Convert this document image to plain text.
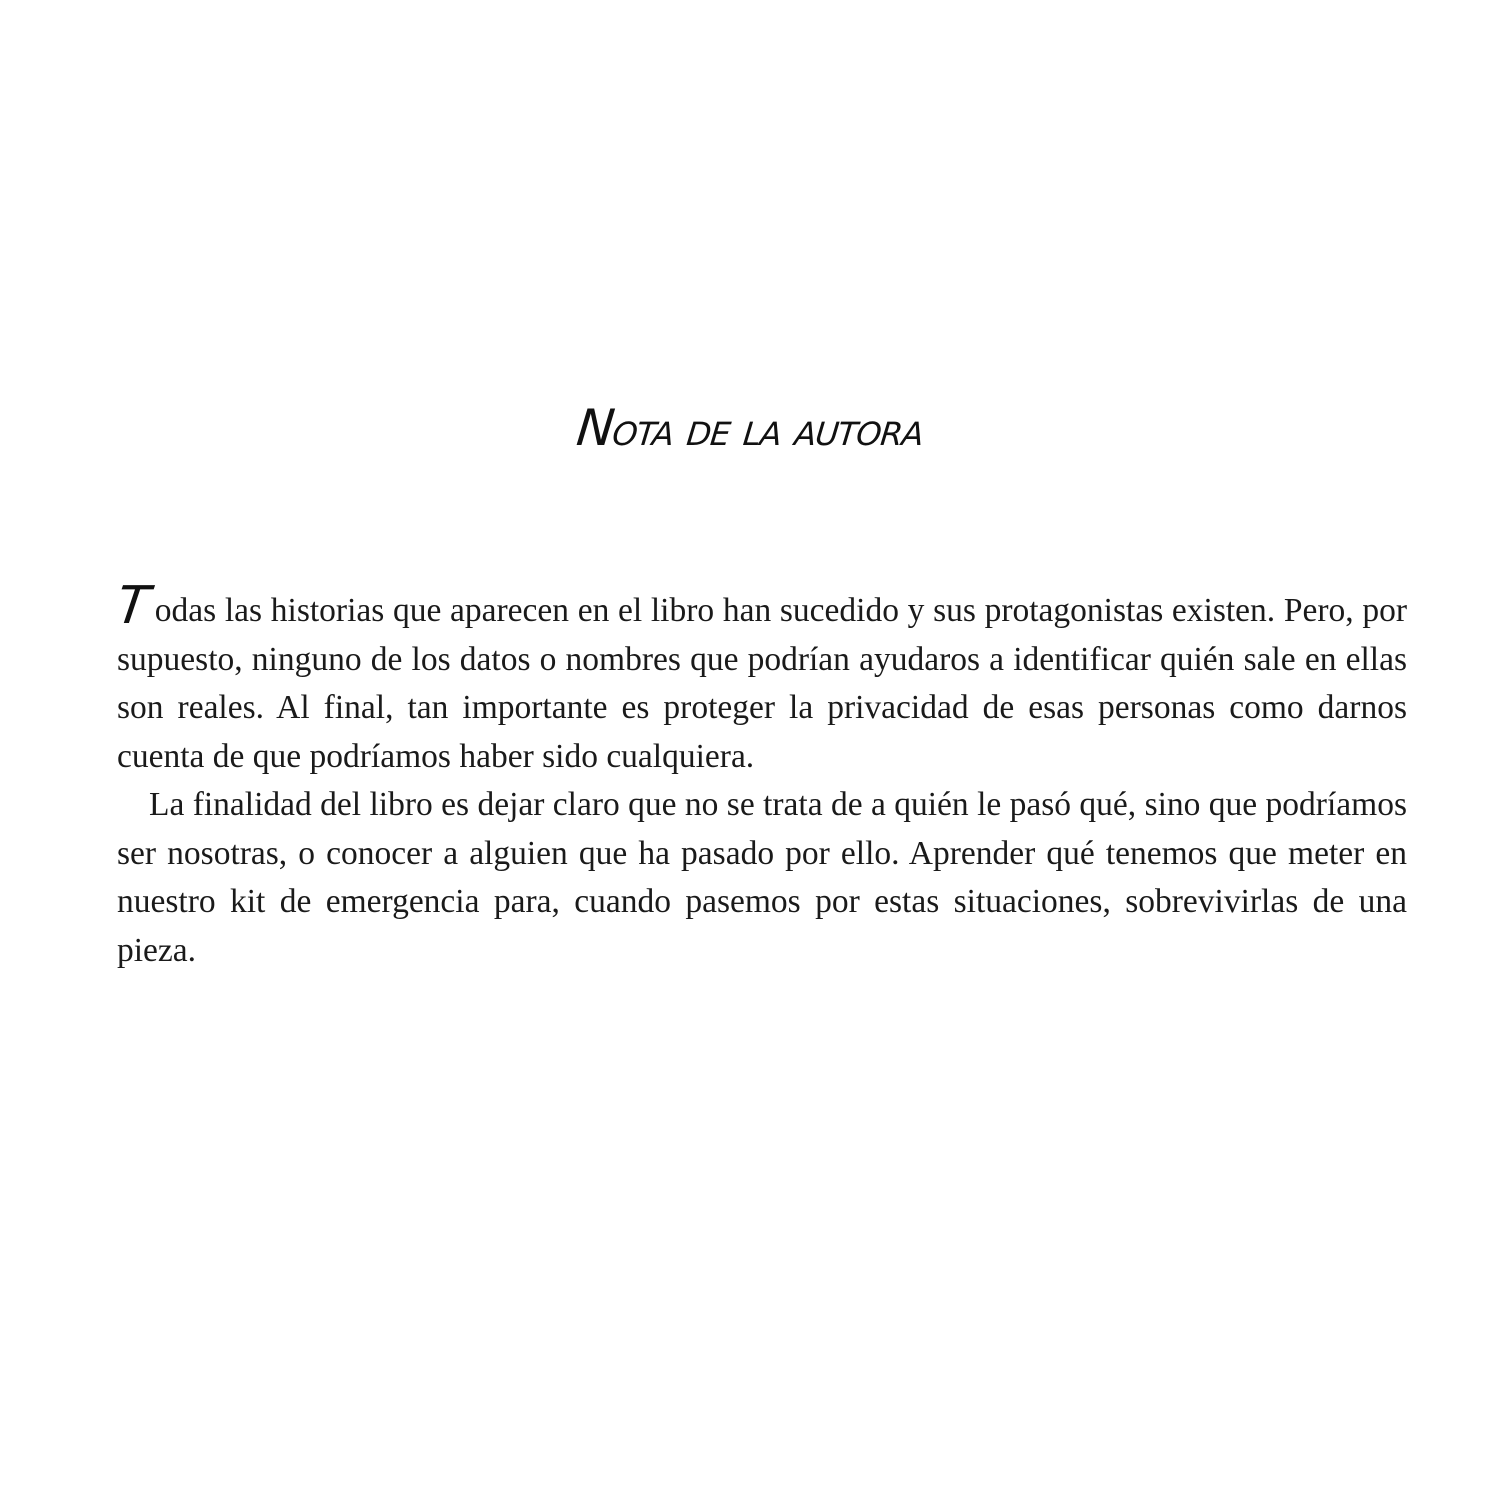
Nota de la autora

Todas las historias que aparecen en el libro han sucedido y sus protagonistas existen. Pero, por supuesto, ninguno de los datos o nombres que podrían ayudaros a identificar quién sale en ellas son reales. Al final, tan importante es proteger la privacidad de esas personas como darnos cuenta de que podríamos haber sido cualquiera.

La finalidad del libro es dejar claro que no se trata de a quién le pasó qué, sino que podríamos ser nosotras, o conocer a alguien que ha pasado por ello. Aprender qué tenemos que meter en nuestro kit de emergencia para, cuando pasemos por estas situaciones, sobrevivirlas de una pieza.
